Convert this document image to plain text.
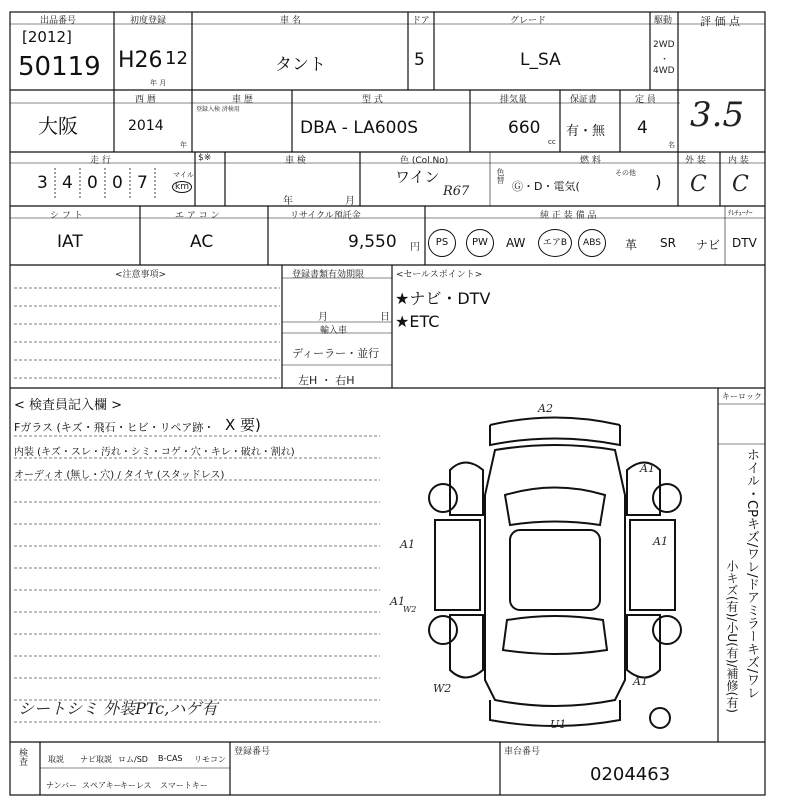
出品番号
[2012]
50119
初度登録
H26 12
年 月
車 名
タント
ドア
5
グレード
L_SA
駆動
2WD
・
4WD
評 価 点
大阪
西 暦
2014
年
車 歴
登録入検 済検用
型 式
DBA - LA600S
排気量
660
cc
保証書
有・無
定 員
4
名
3.5
走 行
3 4 0 0 7	マイル
km
$※	車 検
年	月
色 (Col.No)
ワイン
R67
色替
燃 料
Ⓖ・D・電気(
その他 )
外 装
C
内 装
C
シ フ ト
IAT
エ ア コ ン
AC
リサイクル預託金
9,550 円
純 正 装 備 品	ﾃﾚﾁｭｰﾅｰ
PS	PW	AW	エアB	ABS	革 SR ナビ DTV
<注意事項>	登録書類有効期限
月	日
輸入車
ディーラー・並行
左H ・ 右H
<セールスポイント>
★ナビ・DTV
★ETC
< 検査員記入欄 >
Fガラス (キズ・飛石・ヒビ・リペア跡・ X 要)
内装 (キズ・スレ・汚れ・シミ・コゲ・穴・キレ・破れ・割れ)
オーディオ (無し・穴) / タイヤ (スタッドレス)
シートシミ 外装PTc,ハゲ有
キーロック
ホイル・CPキズ/ワレ/ドアミラーキズ/ワレ
小キズ(有)/小U(有)/補修(有)
A2
A1
A1	A1
A1
A1
W2
U1
W2
検査	取説 ナビ取説 ロム/SD B-CAS リモコン
ナンバー スペアキー
キーレス スマートキー
登録番号	車台番号
0204463
